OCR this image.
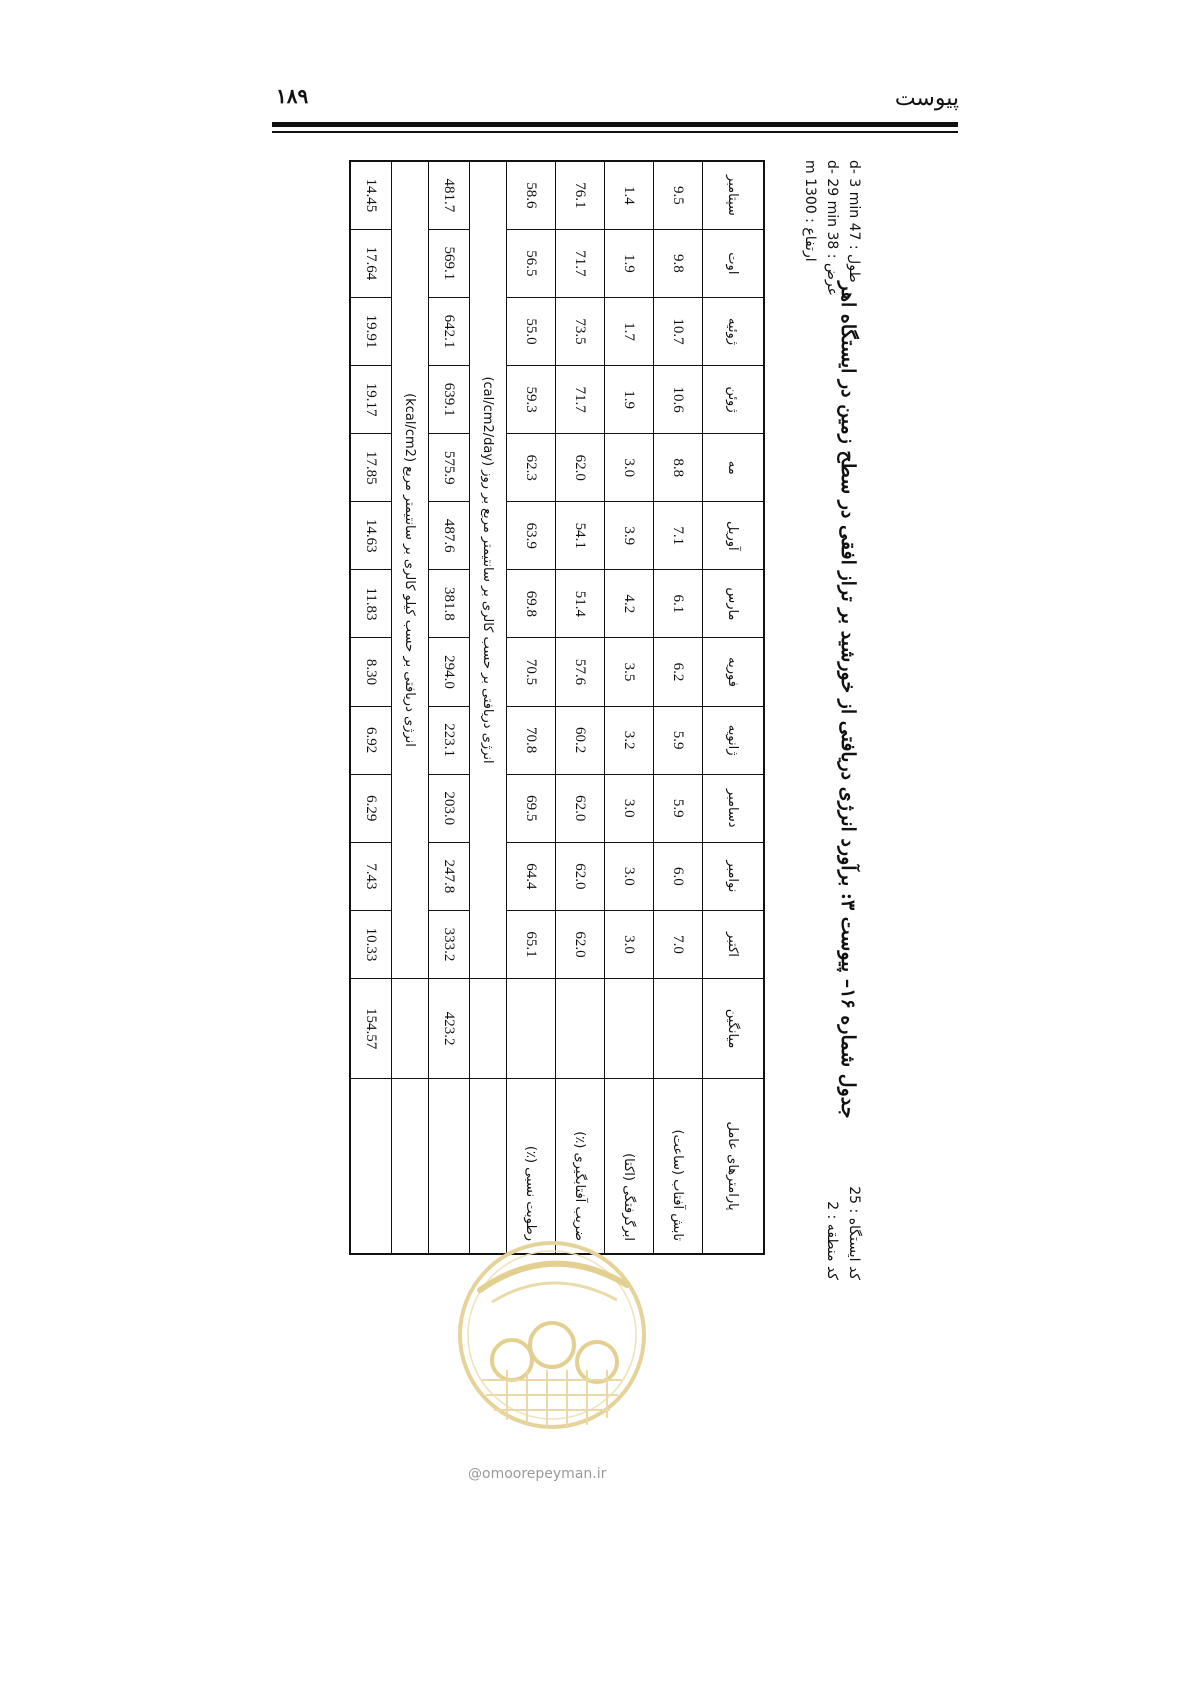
۱۸۹	پیوست
کد ایستگاه : 25
کد منطقه : 2
جدول شماره ۱۶– پیوست ۳: برآورد انرژی دریافتی از خورشید بر تراز افقی در سطح زمین در ایستگاه اهر
طول : 47 d- 3 min
عرض : 38 d- 29 min
ارتفاع : 1300 m
پارامترهای عامل	میانگین	اکتبر	نوامبر	دسامبر	ژانویه	فوریه	مارس	آوریل	مه	ژوئن	ژوئیه	اوت	سپتامبر
تابش آفتاب (ساعت)		7.0	6.0	5.9	5.9	6.2	6.1	7.1	8.8	10.6	10.7	9.8	9.5
ابرگرفتگی (اکتا)		3.0	3.0	3.0	3.2	3.5	4.2	3.9	3.0	1.9	1.7	1.9	1.4
ضریب آفتابگیری (٪)		62.0	62.0	62.0	60.2	57.6	51.4	54.1	62.0	71.7	73.5	71.7	76.1
رطوبت نسبی (٪)		65.1	64.4	69.5	70.8	70.5	69.8	63.9	62.3	59.3	55.0	56.5	58.6
		انرژی دریافتی بر حسب کالری بر سانتیمتر مربع بر روز (cal/cm2/day)											
	423.2	333.2	247.8	203.0	223.1	294.0	381.8	487.6	575.9	639.1	642.1	569.1	481.7
		انرژی دریافتی بر حسب کیلو کالری بر سانتیمتر مربع (kcal/cm2)											
	154.57	10.33	7.43	6.29	6.92	8.30	11.83	14.63	17.85	19.17	19.91	17.64	14.45
@omoorepeyman.ir
